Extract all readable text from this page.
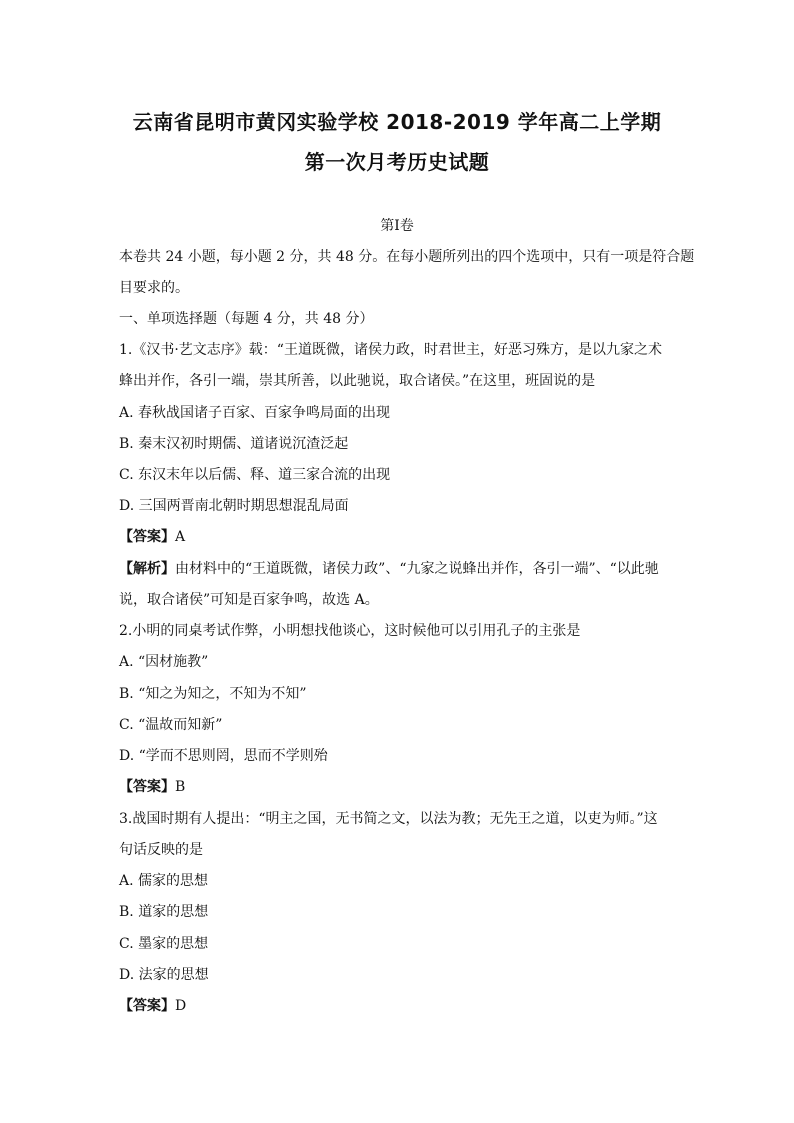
云南省昆明市黄冈实验学校 2018-2019 学年高二上学期
第一次月考历史试题
第Ⅰ卷
本卷共 24 小题，每小题 2 分，共 48 分。在每小题所列出的四个选项中，只有一项是符合题
目要求的。
一、单项选择题（每题 4 分，共 48 分）
1.《汉书·艺文志序》载：“王道既微，诸侯力政，时君世主，好恶习殊方，是以九家之术
蜂出并作，各引一端，崇其所善，以此驰说，取合诸侯。”在这里，班固说的是
A. 春秋战国诸子百家、百家争鸣局面的出现
B. 秦末汉初时期儒、道诸说沉渣泛起
C. 东汉末年以后儒、释、道三家合流的出现
D. 三国两晋南北朝时期思想混乱局面
【答案】A
【解析】由材料中的“王道既微，诸侯力政”、“九家之说蜂出并作，各引一端”、“以此驰
说，取合诸侯”可知是百家争鸣，故选 A。
2.小明的同桌考试作弊，小明想找他谈心，这时候他可以引用孔子的主张是
A. “因材施教”
B. “知之为知之，不知为不知”
C. “温故而知新”
D. “学而不思则罔，思而不学则殆
【答案】B
3.战国时期有人提出：“明主之国，无书简之文，以法为教；无先王之道，以吏为师。”这
句话反映的是
A. 儒家的思想
B. 道家的思想
C. 墨家的思想
D. 法家的思想
【答案】D
